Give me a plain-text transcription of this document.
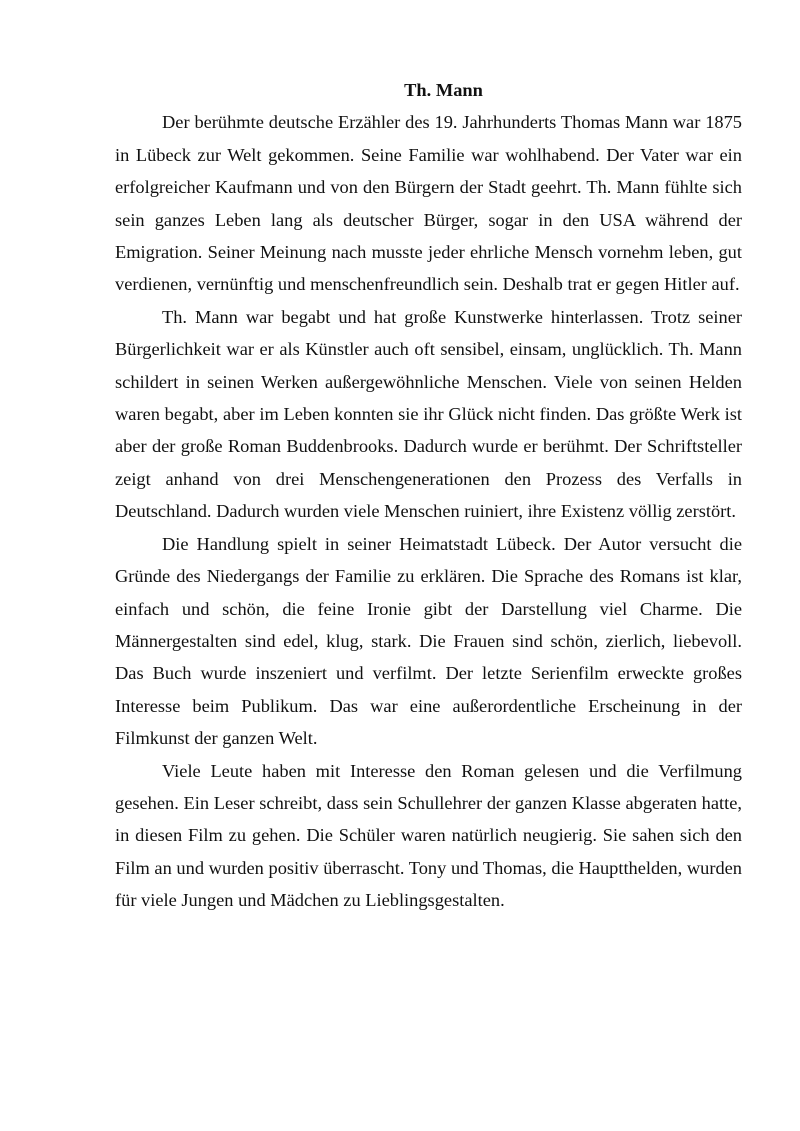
Th. Mann

Der berühmte deutsche Erzähler des 19. Jahrhunderts Thomas Mann war 1875 in Lübeck zur Welt gekommen. Seine Familie war wohlhabend. Der Vater war ein erfolgreicher Kaufmann und von den Bürgern der Stadt geehrt. Th. Mann fühlte sich sein ganzes Leben lang als deutscher Bürger, sogar in den USA während der Emigration. Seiner Meinung nach musste jeder ehrliche Mensch vornehm leben, gut verdienen, vernünftig und menschenfreundlich sein. Deshalb trat er gegen Hitler auf.

Th. Mann war begabt und hat große Kunstwerke hinterlassen. Trotz seiner Bürgerlichkeit war er als Künstler auch oft sensibel, einsam, unglücklich. Th. Mann schildert in seinen Werken außergewöhnliche Menschen. Viele von seinen Helden waren begabt, aber im Leben konnten sie ihr Glück nicht finden. Das größte Werk ist aber der große Roman Buddenbrooks. Dadurch wurde er berühmt. Der Schriftsteller zeigt anhand von drei Menschengenerationen den Prozess des Verfalls in Deutschland. Dadurch wurden viele Menschen ruiniert, ihre Existenz völlig zerstört.

Die Handlung spielt in seiner Heimatstadt Lübeck. Der Autor versucht die Gründe des Niedergangs der Familie zu erklären. Die Sprache des Romans ist klar, einfach und schön, die feine Ironie gibt der Darstellung viel Charme. Die Männergestalten sind edel, klug, stark. Die Frauen sind schön, zierlich, liebevoll. Das Buch wurde inszeniert und verfilmt. Der letzte Serienfilm erweckte großes Interesse beim Publikum. Das war eine außerordentliche Erscheinung in der Filmkunst der ganzen Welt.

Viele Leute haben mit Interesse den Roman gelesen und die Verfilmung gesehen. Ein Leser schreibt, dass sein Schullehrer der ganzen Klasse abgeraten hatte, in diesen Film zu gehen. Die Schüler waren natürlich neugierig. Sie sahen sich den Film an und wurden positiv überrascht. Tony und Thomas, die Hauptthelden, wurden für viele Jungen und Mädchen zu Lieblingsgestalten.
